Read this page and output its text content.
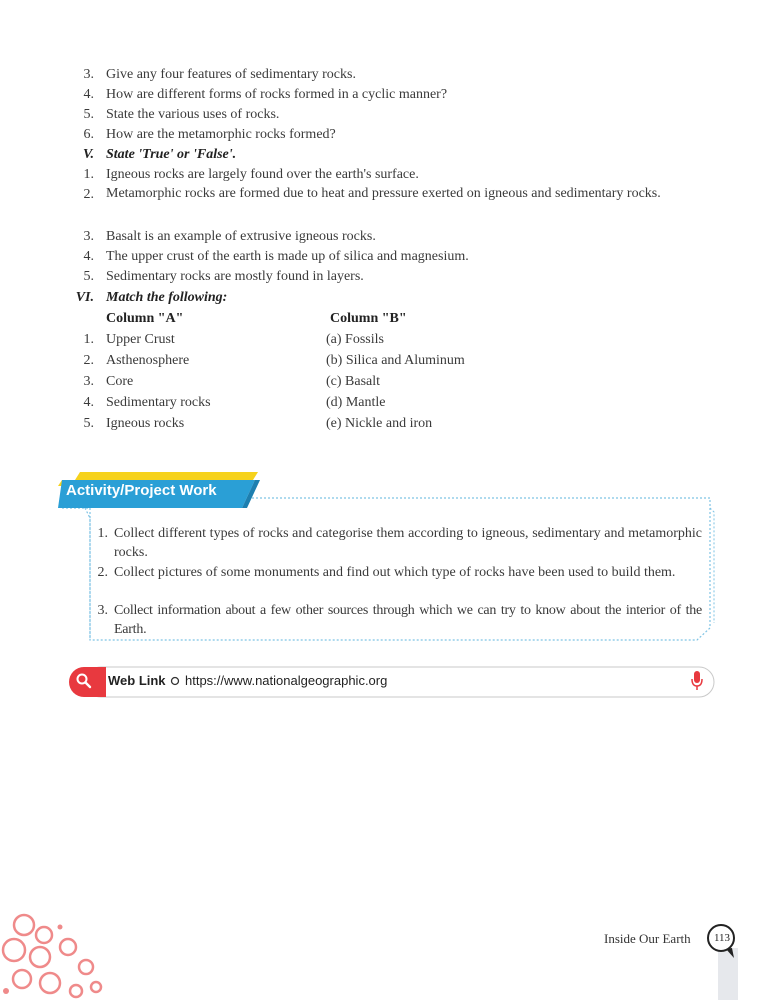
3. Give any four features of sedimentary rocks.
4. How are different forms of rocks formed in a cyclic manner?
5. State the various uses of rocks.
6. How are the metamorphic rocks formed?
V. State 'True' or 'False'.
1. Igneous rocks are largely found over the earth's surface.
2. Metamorphic rocks are formed due to heat and pressure exerted on igneous and sedimentary rocks.
3. Basalt is an example of extrusive igneous rocks.
4. The upper crust of the earth is made up of silica and magnesium.
5. Sedimentary rocks are mostly found in layers.
VI. Match the following:
Column "A"	Column "B"
1. Upper Crust	(a) Fossils
2. Asthenosphere	(b) Silica and Aluminum
3. Core	(c) Basalt
4. Sedimentary rocks	(d) Mantle
5. Igneous rocks	(e) Nickle and iron
Activity/Project Work
1. Collect different types of rocks and categorise them according to igneous, sedimentary and metamorphic rocks.
2. Collect pictures of some monuments and find out which type of rocks have been used to build them.
3. Collect information about a few other sources through which we can try to know about the interior of the Earth.
Web Link https://www.nationalgeographic.org
Inside Our Earth	113
